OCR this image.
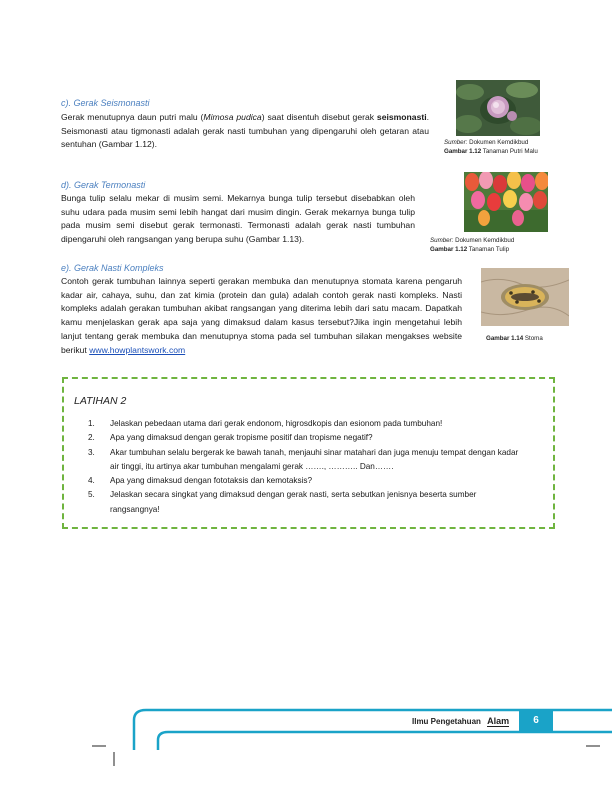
c). Gerak Seismonasti
Gerak menutupnya daun putri malu (Mimosa pudica) saat disentuh disebut gerak seismonasti. Seismonasti atau tigmonasti adalah gerak nasti tumbuhan yang dipengaruhi oleh getaran atau sentuhan (Gambar 1.12).	Sumber: Dokumen Kemdikbud
Gambar 1.12 Tanaman Putri Malu
d). Gerak Termonasti
Bunga tulip selalu mekar di musim semi. Mekarnya bunga tulip tersebut disebabkan oleh suhu udara pada musim semi lebih hangat dari musim dingin. Gerak mekarnya bunga tulip pada musim semi disebut gerak termonasti. Termonasti adalah gerak nasti tumbuhan dipengaruhi oleh rangsangan yang berupa suhu (Gambar 1.13).	Sumber: Dokumen Kemdikbud
Gambar 1.12 Tanaman Tulip
e). Gerak Nasti Kompleks
Contoh gerak tumbuhan lainnya seperti gerakan membuka dan menutupnya stomata karena pengaruh kadar air, cahaya, suhu, dan zat kimia (protein dan gula) adalah contoh gerak nasti kompleks. Nasti kompleks adalah gerakan tumbuhan akibat rangsangan yang diterima lebih dari satu macam. Dapatkah kamu menjelaskan gerak apa saja yang dimaksud dalam kasus tersebut?Jika ingin mengetahui lebih lanjut tentang gerak membuka dan menutupnya stoma pada sel tumbuhan silakan mengakses website berikut www.howplantswork.com
Gambar 1.14 Stoma
LATIHAN 2
1. Jelaskan pebedaan utama dari gerak endonom, higrosdkopis dan esionom pada tumbuhan!
2. Apa yang dimaksud dengan gerak tropisme positif dan tropisme negatif?
3. Akar tumbuhan selalu bergerak ke bawah tanah, menjauhi sinar matahari dan juga menuju tempat dengan kadar air tinggi, itu artinya akar tumbuhan mengalami gerak ……., ……….. Dan…….
4. Apa yang dimaksud dengan fototaksis dan kemotaksis?
5. Jelaskan secara singkat yang dimaksud dengan gerak nasti, serta sebutkan jenisnya beserta sumber rangsangnya!
Ilmu Pengetahuan Alam	6
